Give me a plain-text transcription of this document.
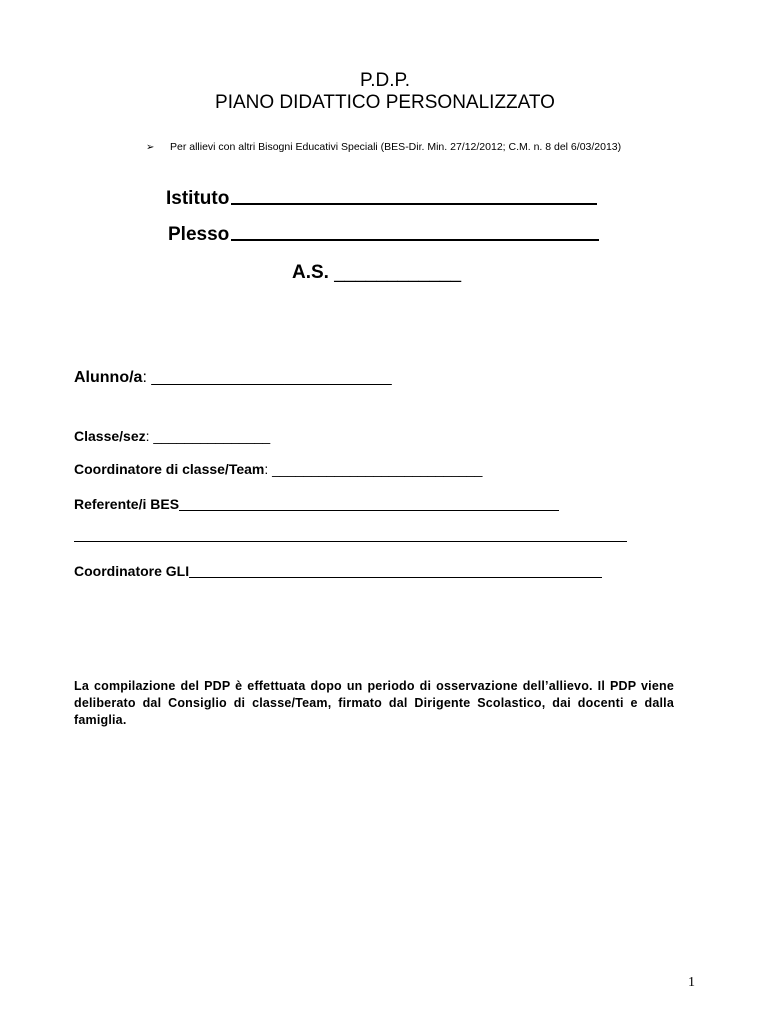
P.D.P.
PIANO DIDATTICO PERSONALIZZATO
➢ Per allievi con altri Bisogni Educativi Speciali (BES-Dir. Min. 27/12/2012; C.M. n. 8 del 6/03/2013)
Istituto
Plesso
A.S. ____________
Alunno/a: ___________________________
Classe/sez: _______________
Coordinatore di classe/Team: ___________________________
Referente/i BES
Coordinatore GLI
La compilazione del PDP è effettuata dopo un periodo di osservazione dell’allievo. Il PDP viene deliberato dal Consiglio di classe/Team, firmato dal Dirigente Scolastico, dai docenti e dalla famiglia.
1
